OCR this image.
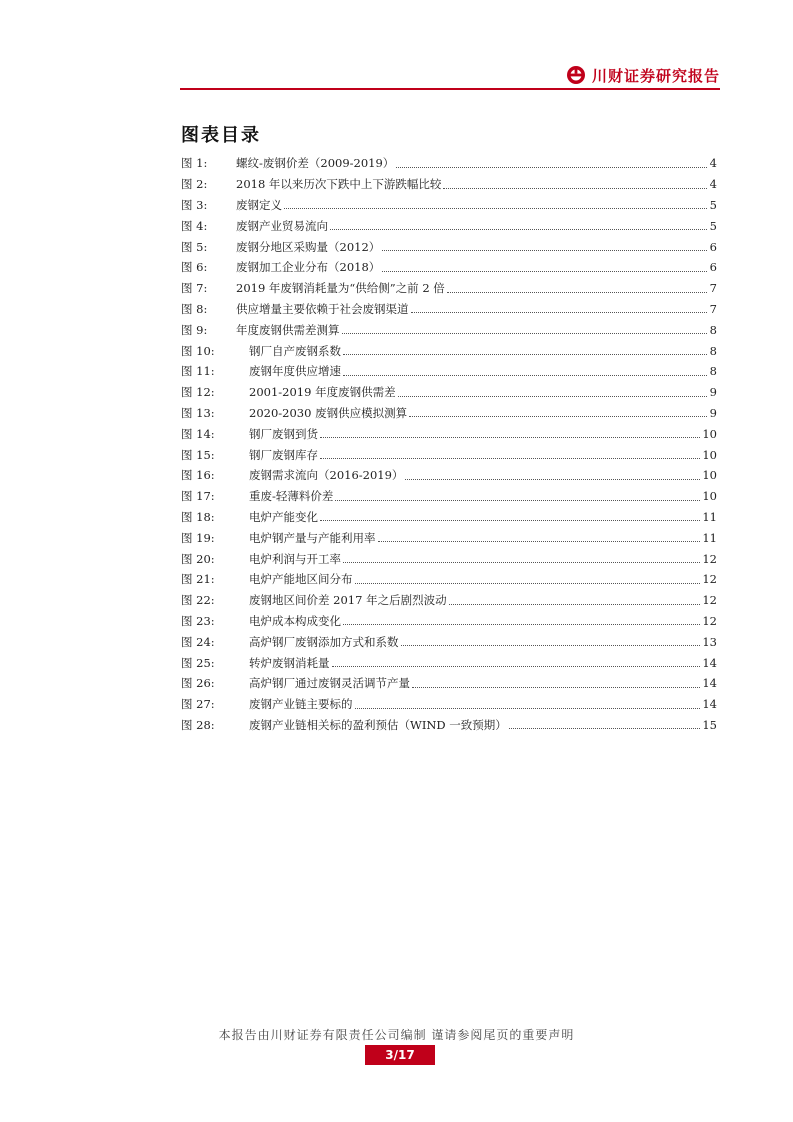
川财证券研究报告
图表目录
图 1:	螺纹-废钢价差（2009-2019）	4
图 2:	2018 年以来历次下跌中上下游跌幅比较	4
图 3:	废钢定义	5
图 4:	废钢产业贸易流向	5
图 5:	废钢分地区采购量（2012）	6
图 6:	废钢加工企业分布（2018）	6
图 7:	2019 年废钢消耗量为“供给侧”之前 2 倍	7
图 8:	供应增量主要依赖于社会废钢渠道	7
图 9:	年度废钢供需差测算	8
图 10:	钢厂自产废钢系数	8
图 11:	废钢年度供应增速	8
图 12:	2001-2019 年度废钢供需差	9
图 13:	2020-2030 废钢供应模拟测算	9
图 14:	钢厂废钢到货	10
图 15:	钢厂废钢库存	10
图 16:	废钢需求流向（2016-2019）	10
图 17:	重废-轻薄料价差	10
图 18:	电炉产能变化	11
图 19:	电炉钢产量与产能利用率	11
图 20:	电炉利润与开工率	12
图 21:	电炉产能地区间分布	12
图 22:	废钢地区间价差 2017 年之后剧烈波动	12
图 23:	电炉成本构成变化	12
图 24:	高炉钢厂废钢添加方式和系数	13
图 25:	转炉废钢消耗量	14
图 26:	高炉钢厂通过废钢灵活调节产量	14
图 27:	废钢产业链主要标的	14
图 28:	废钢产业链相关标的盈利预估（WIND 一致预期）	15
本报告由川财证券有限责任公司编制 谨请参阅尾页的重要声明
3/17
